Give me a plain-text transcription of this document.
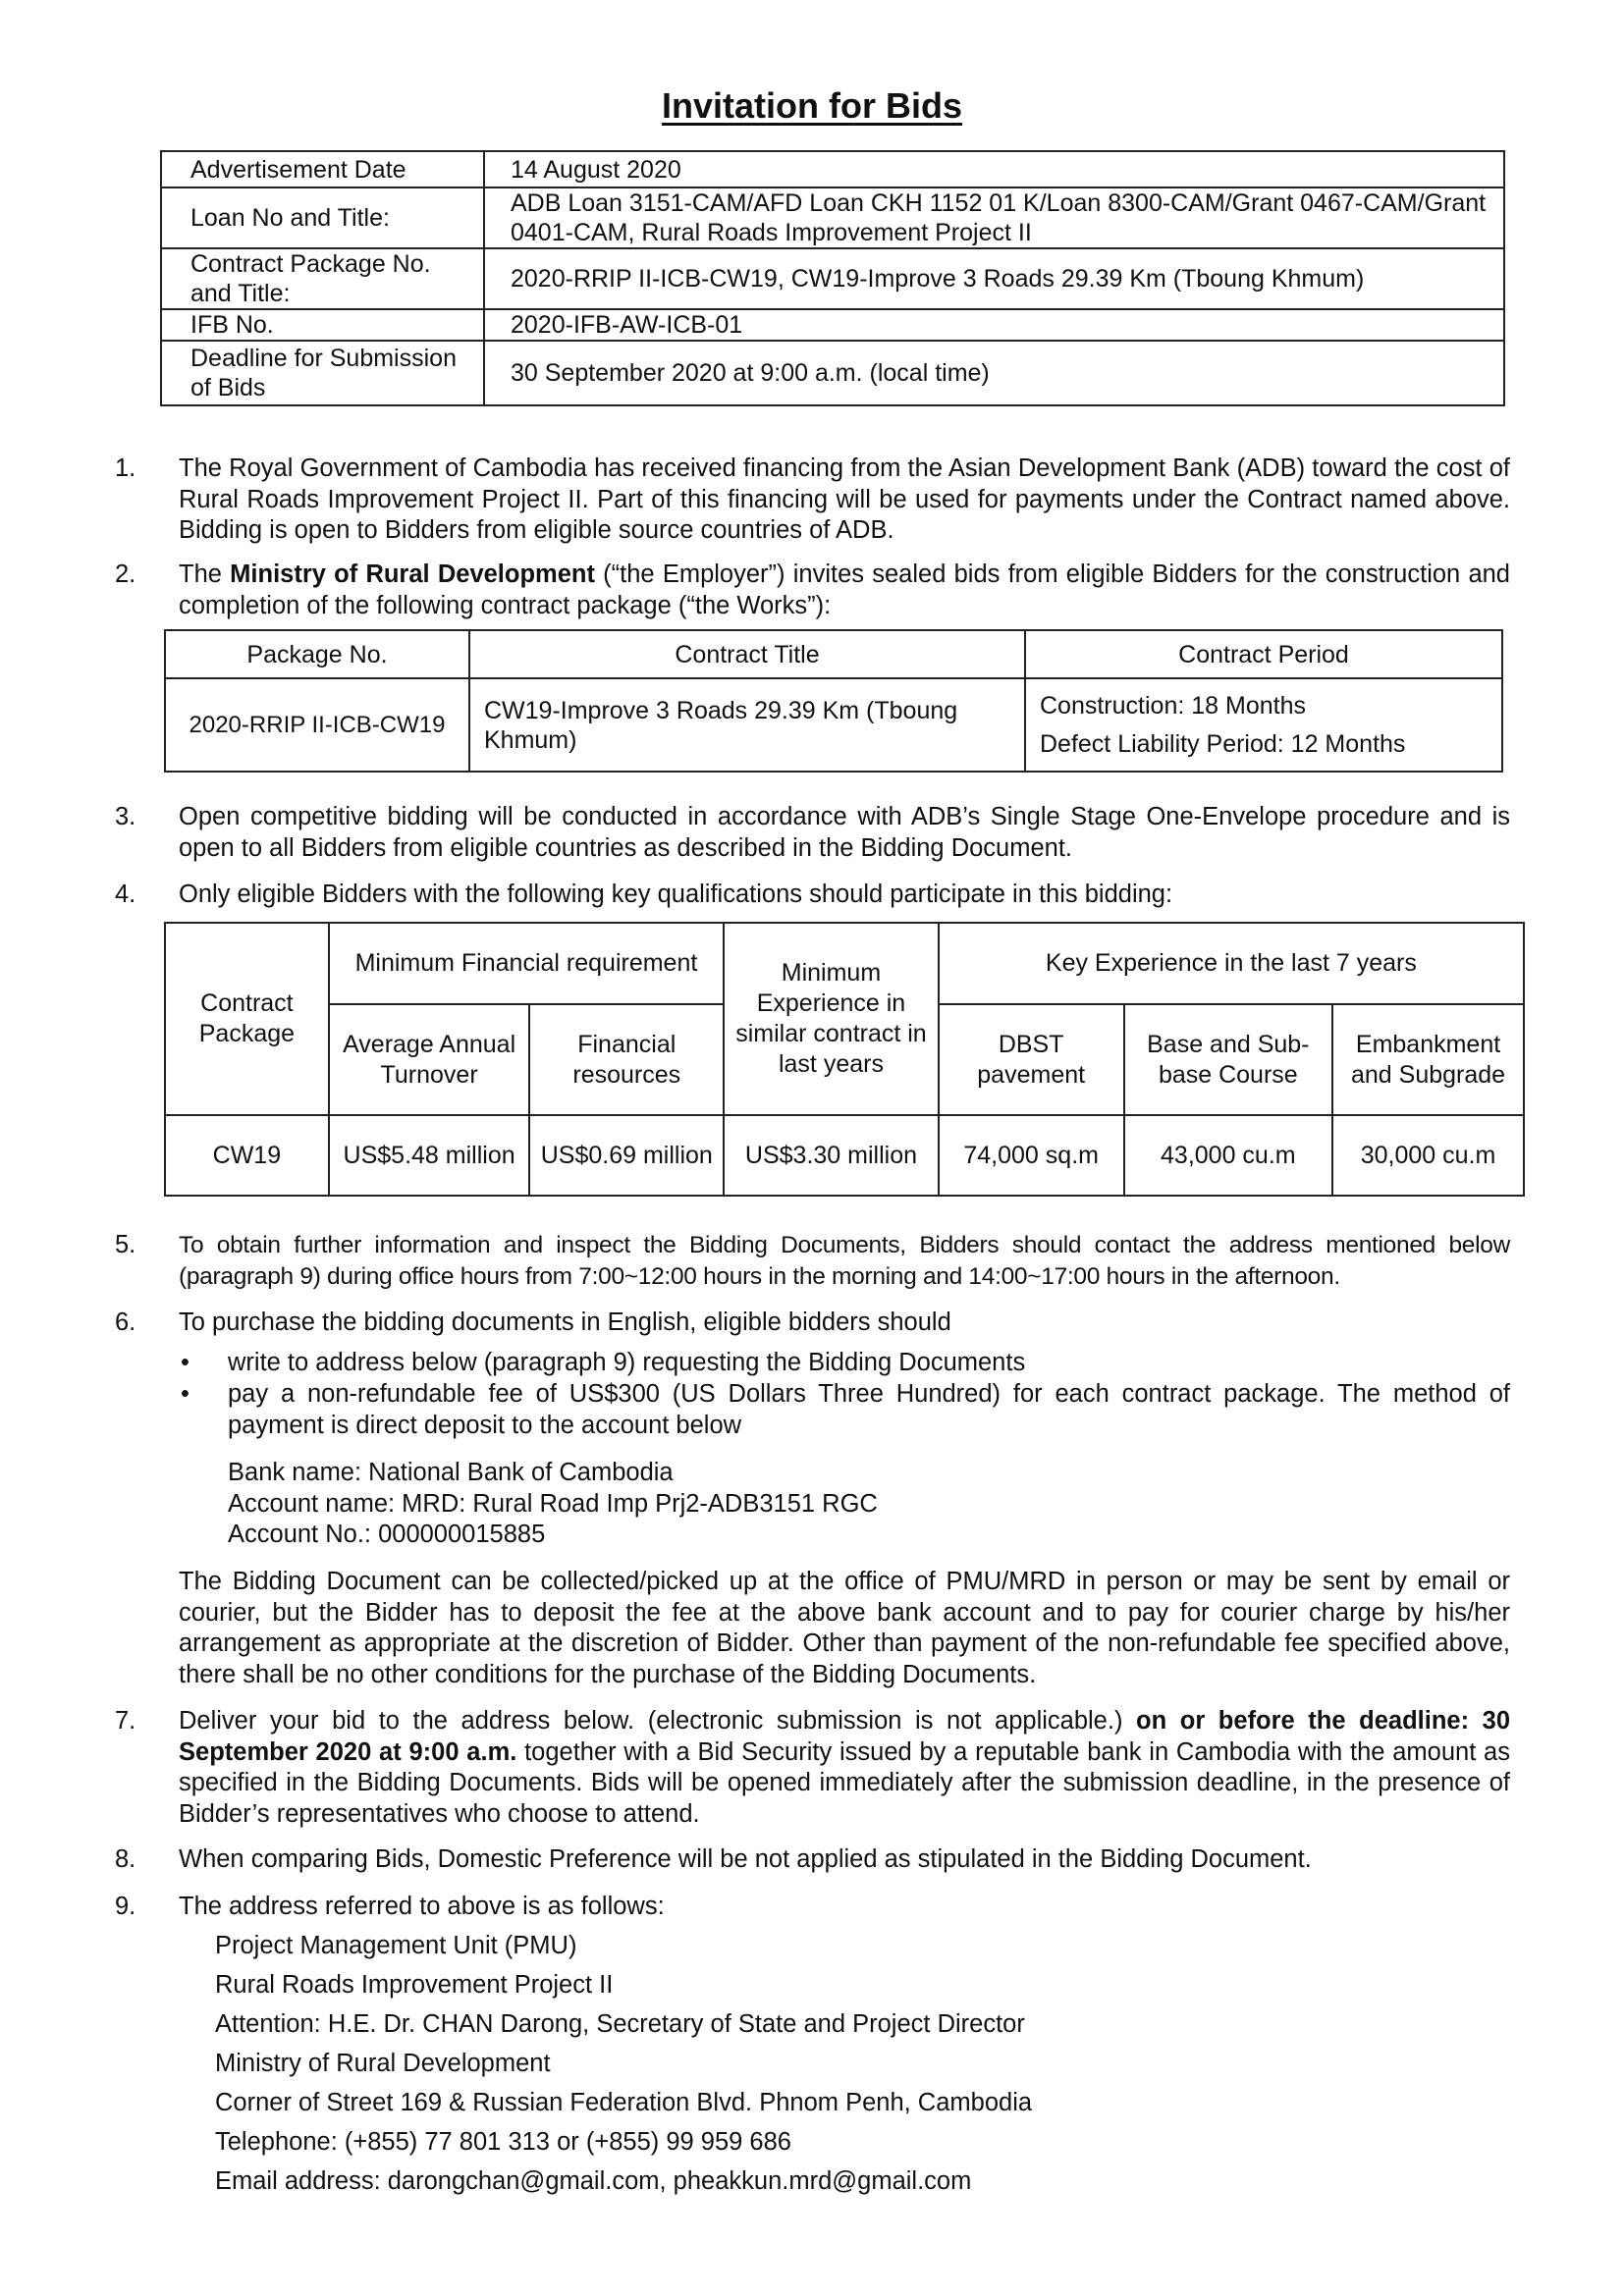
Invitation for Bids
Advertisement Date	14 August 2020
Loan No and Title:	ADB Loan 3151-CAM/AFD Loan CKH 1152 01 K/Loan 8300-CAM/Grant 0467-CAM/Grant 0401-CAM, Rural Roads Improvement Project II
Contract Package No. and Title:	2020-RRIP II-ICB-CW19, CW19-Improve 3 Roads 29.39 Km (Tboung Khmum)
IFB No.	2020-IFB-AW-ICB-01
Deadline for Submission of Bids	30 September 2020 at 9:00 a.m. (local time)
1. The Royal Government of Cambodia has received financing from the Asian Development Bank (ADB) toward the cost of Rural Roads Improvement Project II. Part of this financing will be used for payments under the Contract named above. Bidding is open to Bidders from eligible source countries of ADB.
2. The Ministry of Rural Development (“the Employer”) invites sealed bids from eligible Bidders for the construction and completion of the following contract package (“the Works”):
Package No.	Contract Title	Contract Period
2020-RRIP II-ICB-CW19	CW19-Improve 3 Roads 29.39 Km (Tboung Khmum)	Construction: 18 Months
Defect Liability Period: 12 Months
3. Open competitive bidding will be conducted in accordance with ADB’s Single Stage One-Envelope procedure and is open to all Bidders from eligible countries as described in the Bidding Document.
4. Only eligible Bidders with the following key qualifications should participate in this bidding:
Contract Package	Minimum Financial requirement		Minimum Experience in similar contract in last years	Key Experience in the last 7 years		
	Average Annual Turnover	Financial resources		DBST pavement	Base and Sub-base Course	Embankment and Subgrade
CW19	US$5.48 million	US$0.69 million	US$3.30 million	74,000 sq.m	43,000 cu.m	30,000 cu.m
5. To obtain further information and inspect the Bidding Documents, Bidders should contact the address mentioned below (paragraph 9) during office hours from 7:00~12:00 hours in the morning and 14:00~17:00 hours in the afternoon.
6. To purchase the bidding documents in English, eligible bidders should
• write to address below (paragraph 9) requesting the Bidding Documents
• pay a non-refundable fee of US$300 (US Dollars Three Hundred) for each contract package. The method of payment is direct deposit to the account below
Bank name: National Bank of Cambodia
Account name: MRD: Rural Road Imp Prj2-ADB3151 RGC
Account No.: 000000015885
The Bidding Document can be collected/picked up at the office of PMU/MRD in person or may be sent by email or courier, but the Bidder has to deposit the fee at the above bank account and to pay for courier charge by his/her arrangement as appropriate at the discretion of Bidder. Other than payment of the non-refundable fee specified above, there shall be no other conditions for the purchase of the Bidding Documents.
7. Deliver your bid to the address below. (electronic submission is not applicable.) on or before the deadline: 30 September 2020 at 9:00 a.m. together with a Bid Security issued by a reputable bank in Cambodia with the amount as specified in the Bidding Documents. Bids will be opened immediately after the submission deadline, in the presence of Bidder’s representatives who choose to attend.
8. When comparing Bids, Domestic Preference will be not applied as stipulated in the Bidding Document.
9. The address referred to above is as follows:
Project Management Unit (PMU)
Rural Roads Improvement Project II
Attention: H.E. Dr. CHAN Darong, Secretary of State and Project Director
Ministry of Rural Development
Corner of Street 169 & Russian Federation Blvd. Phnom Penh, Cambodia
Telephone: (+855) 77 801 313 or (+855) 99 959 686
Email address: darongchan@gmail.com, pheakkun.mrd@gmail.com
